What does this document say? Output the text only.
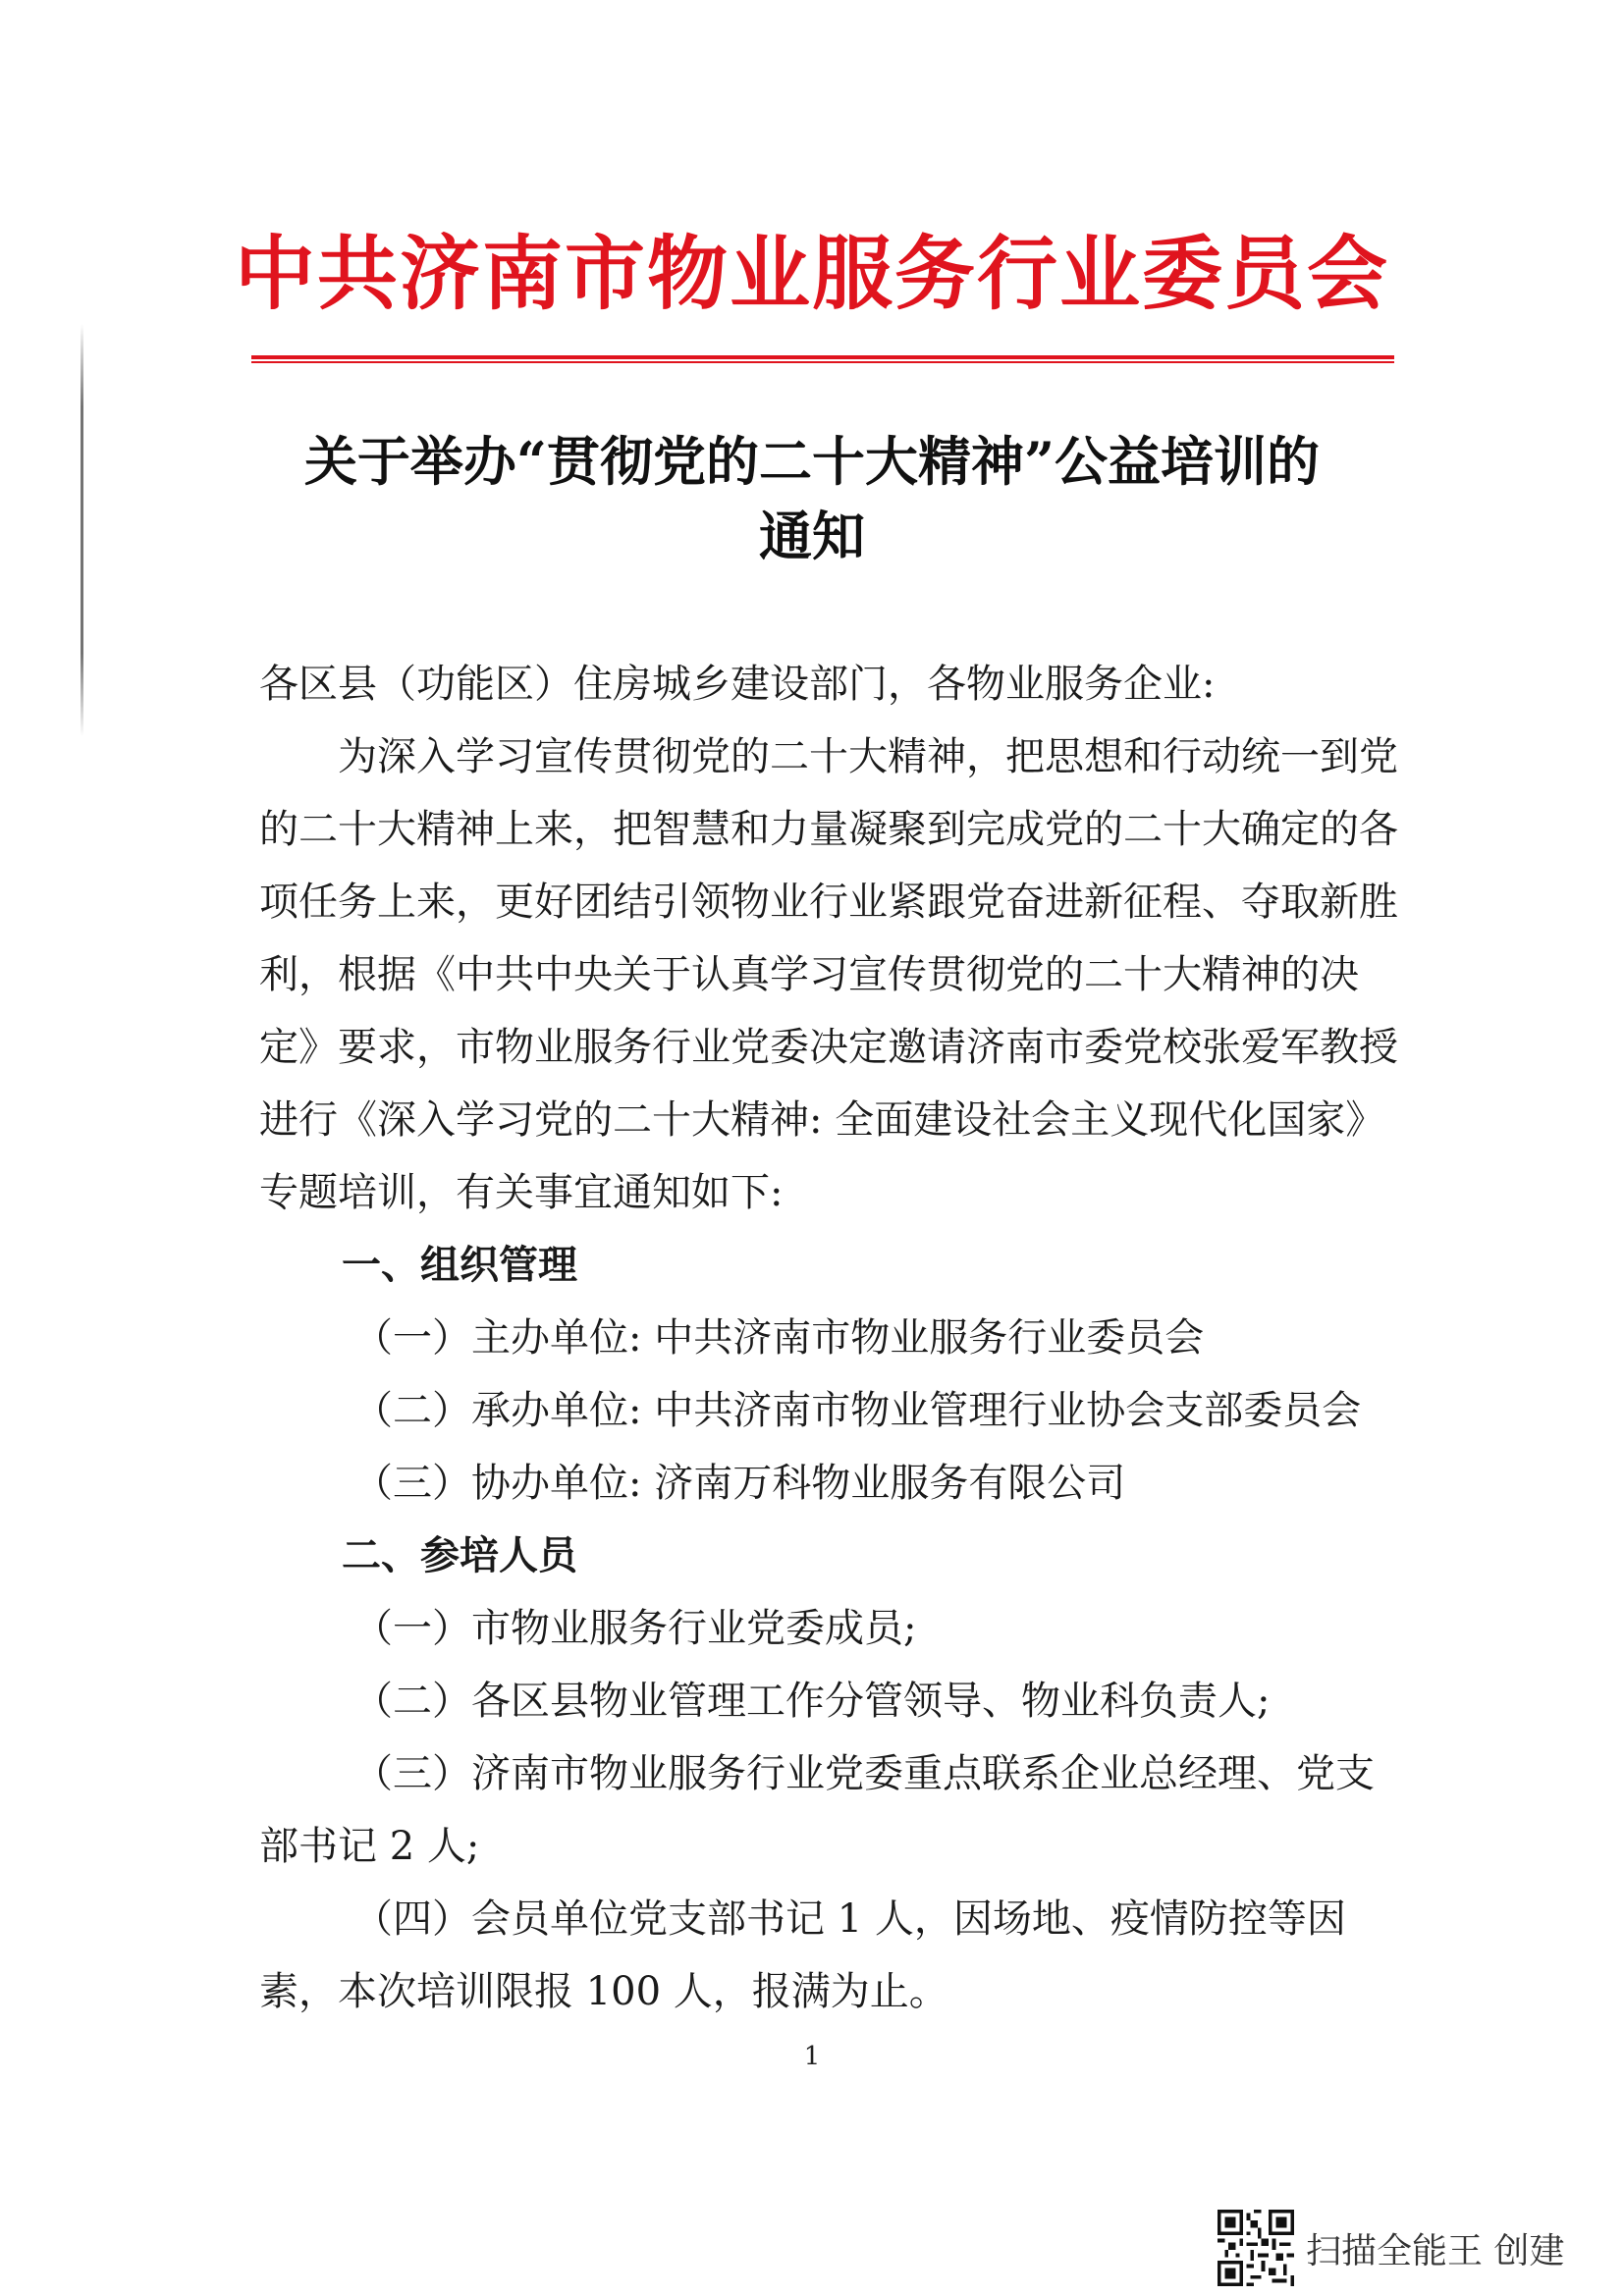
中共济南市物业服务行业委员会
关于举办“贯彻党的二十大精神”公益培训的
通知

各区县（功能区）住房城乡建设部门，各物业服务企业:

为深入学习宣传贯彻党的二十大精神，把思想和行动统一到党的二十大精神上来，把智慧和力量凝聚到完成党的二十大确定的各项任务上来，更好团结引领物业行业紧跟党奋进新征程、夺取新胜利，根据《中共中央关于认真学习宣传贯彻党的二十大精神的决定》要求，市物业服务行业党委决定邀请济南市委党校张爱军教授进行《深入学习党的二十大精神: 全面建设社会主义现代化国家》专题培训，有关事宜通知如下:

一、组织管理

（一）主办单位: 中共济南市物业服务行业委员会

（二）承办单位: 中共济南市物业管理行业协会支部委员会

（三）协办单位: 济南万科物业服务有限公司

二、参培人员

（一）市物业服务行业党委成员;

（二）各区县物业管理工作分管领导、物业科负责人;

（三）济南市物业服务行业党委重点联系企业总经理、党支部书记 2 人;

（四）会员单位党支部书记 1 人，因场地、疫情防控等因素，本次培训限报 100 人，报满为止。

1
扫描全能王 创建
